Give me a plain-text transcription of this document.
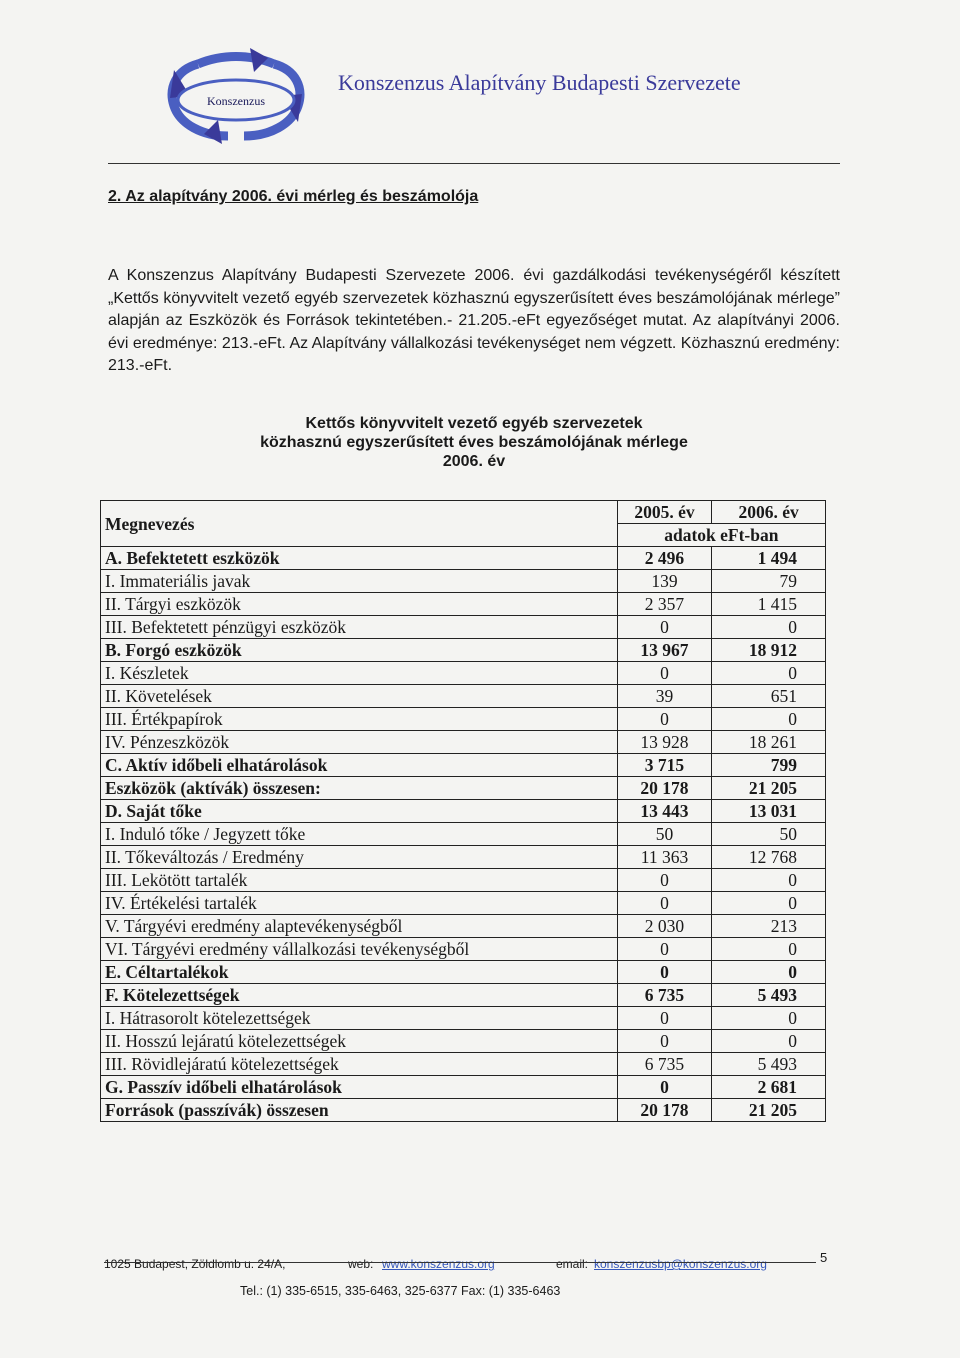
Konszenzus
Konszenzus Alapítvány Budapesti Szervezete
2. Az alapítvány 2006. évi mérleg és beszámolója
A Konszenzus Alapítvány Budapesti Szervezete 2006. évi gazdálkodási tevékenységéről készített „Kettős könyvvitelt vezető egyéb szervezetek közhasznú egyszerűsített éves beszámolójának mérlege” alapján az Eszközök és Források tekintetében.- 21.205.-eFt egyezőséget mutat. Az alapítványi 2006. évi eredménye: 213.-eFt. Az Alapítvány vállalkozási tevékenységet nem végzett. Közhasznú eredmény: 213.-eFt.
Kettős könyvvitelt vezető egyéb szervezetek
közhasznú egyszerűsített éves beszámolójának mérlege
2006. év
Megnevezés	2005. év	2006. év
	adatok eFt-ban	
A. Befektetett eszközök	2 496	1 494
I. Immateriális javak	139	79
II. Tárgyi eszközök	2 357	1 415
III. Befektetett pénzügyi eszközök	0	0
B. Forgó eszközök	13 967	18 912
I. Készletek	0	0
II. Követelések	39	651
III. Értékpapírok	0	0
IV. Pénzeszközök	13 928	18 261
C. Aktív időbeli elhatárolások	3 715	799
Eszközök (aktívák) összesen:	20 178	21 205
D. Saját tőke	13 443	13 031
I. Induló tőke / Jegyzett tőke	50	50
II. Tőkeváltozás / Eredmény	11 363	12 768
III. Lekötött tartalék	0	0
IV. Értékelési tartalék	0	0
V. Tárgyévi eredmény alaptevékenységből	2 030	213
VI. Tárgyévi eredmény vállalkozási tevékenységből	0	0
E. Céltartalékok	0	0
F. Kötelezettségek	6 735	5 493
I. Hátrasorolt kötelezettségek	0	0
II. Hosszú lejáratú kötelezettségek	0	0
III. Rövidlejáratú kötelezettségek	6 735	5 493
G. Passzív időbeli elhatárolások	0	2 681
Források (passzívák) összesen	20 178	21 205
1025 Budapest, Zöldlomb u. 24/A,	web: www.konszenzus.org	email: konszenzusbp@konszenzus.org	5
Tel.: (1) 335-6515, 335-6463, 325-6377 Fax: (1) 335-6463
